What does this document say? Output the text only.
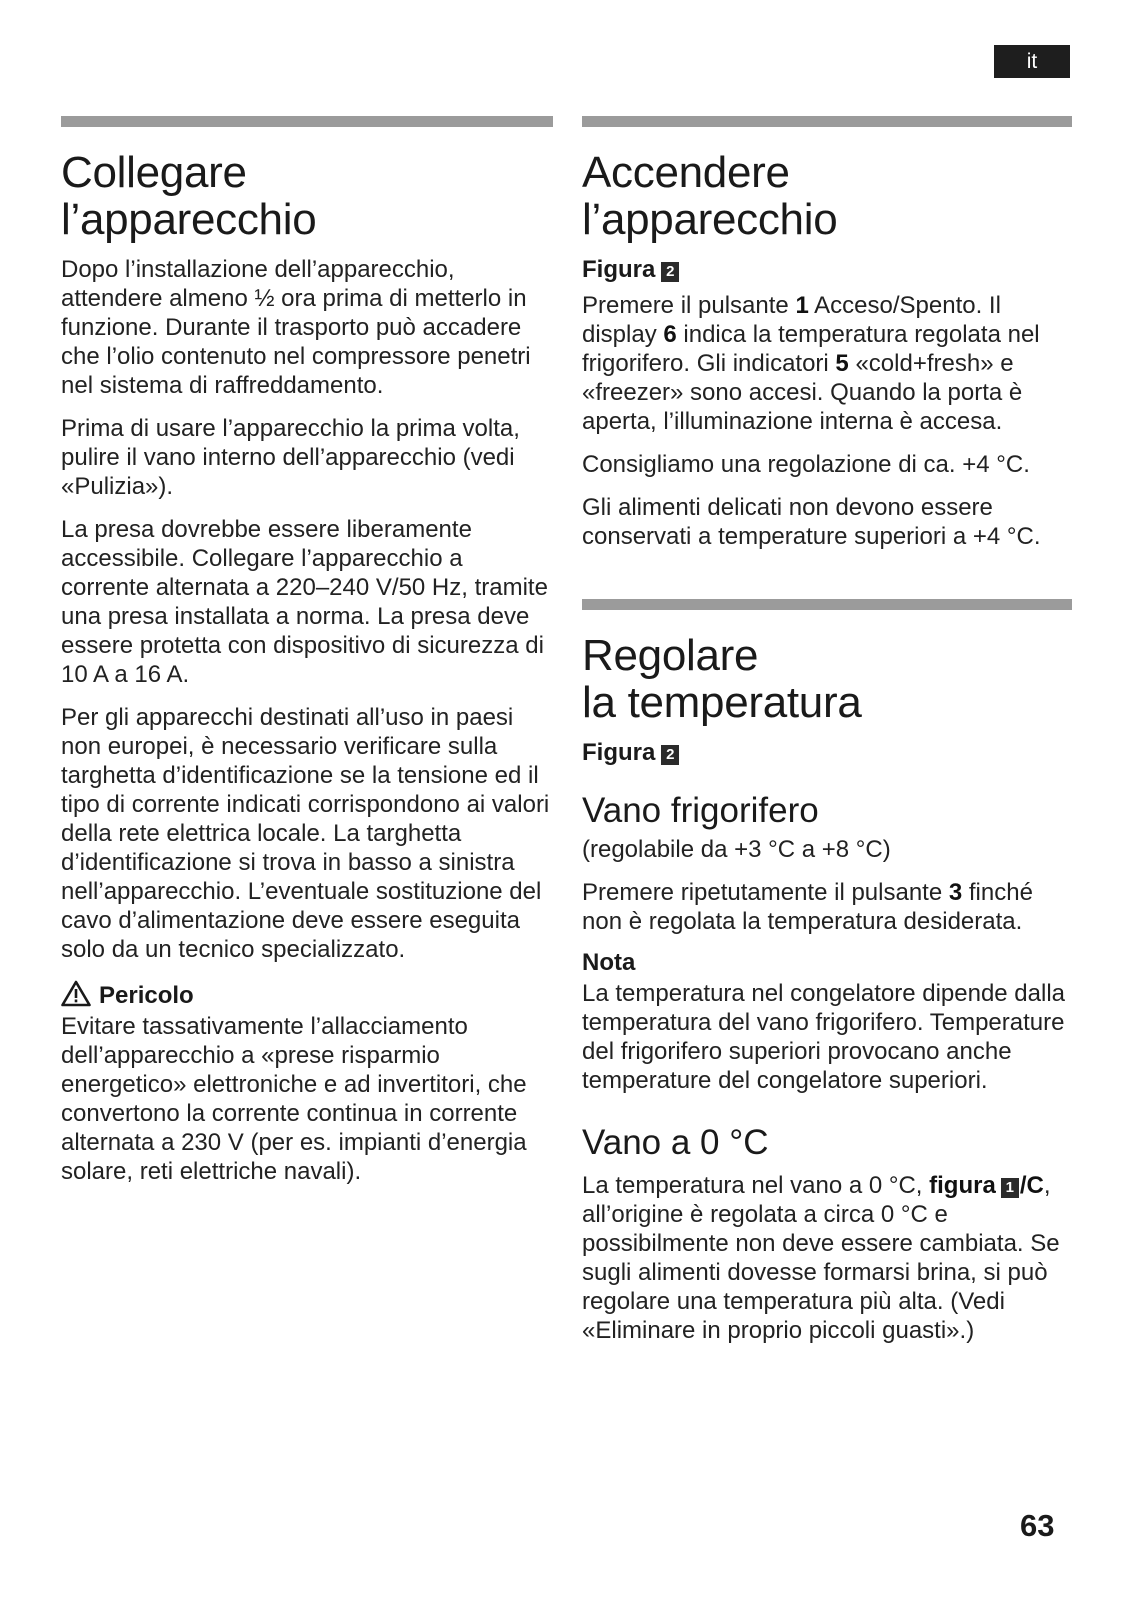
it
Collegare
l’apparecchio

Dopo l’installazione dell’apparecchio, attendere almeno ½ ora prima di metterlo in funzione. Durante il trasporto può accadere che l’olio contenuto nel compressore penetri nel sistema di raffreddamento.

Prima di usare l’apparecchio la prima volta, pulire il vano interno dell’apparecchio (vedi «Pulizia»).

La presa dovrebbe essere liberamente accessibile. Collegare l’apparecchio a corrente alternata a 220–240 V/50 Hz, tramite una presa installata a norma. La presa deve essere protetta con dispositivo di sicurezza di 10 A a 16 A.

Per gli apparecchi destinati all’uso in paesi non europei, è necessario verificare sulla targhetta d’identificazione se la tensione ed il tipo di corrente indicati corrispondono ai valori della rete elettrica locale. La targhetta d’identificazione si trova in basso a sinistra nell’apparecchio. L’eventuale sostituzione del cavo d’alimentazione deve essere eseguita solo da un tecnico specializzato.

Pericolo

Evitare tassativamente l’allacciamento dell’apparecchio a «prese risparmio energetico» elettroniche e ad invertitori, che convertono la corrente continua in corrente alternata a 230 V (per es. impianti d’energia solare, reti elettriche navali).

Accendere
l’apparecchio
Figura 2

Premere il pulsante 1 Acceso/Spento. Il display 6 indica la temperatura regolata nel frigorifero. Gli indicatori 5 «cold+fresh» e «freezer» sono accesi. Quando la porta è aperta, l’illuminazione interna è accesa.

Consigliamo una regolazione di ca. +4 °C.

Gli alimenti delicati non devono essere conservati a temperature superiori a +4 °C.

Regolare
la temperatura
Figura 2
Vano frigorifero

(regolabile da +3 °C a +8 °C)

Premere ripetutamente il pulsante 3 finché non è regolata la temperatura desiderata.

Nota

La temperatura nel congelatore dipende dalla temperatura del vano frigorifero. Temperature del frigorifero superiori provocano anche temperature del congelatore superiori.

Vano a 0 °C

La temperatura nel vano a 0 °C, figura 1 /C, all’origine è regolata a circa 0 °C e possibilmente non deve essere cambiata. Se sugli alimenti dovesse formarsi brina, si può regolare una temperatura più alta. (Vedi «Eliminare in proprio piccoli guasti».)

63
